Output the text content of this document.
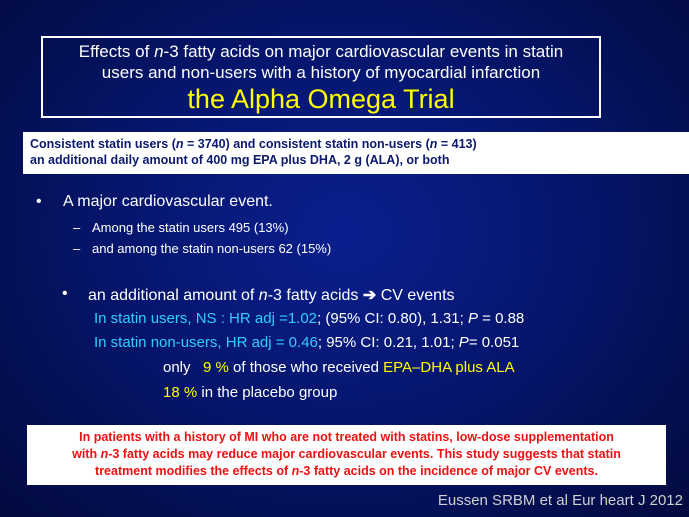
Effects of n-3 fatty acids on major cardiovascular events in statin
users and non-users with a history of myocardial infarction
the Alpha Omega Trial
Consistent statin users (n = 3740) and consistent statin non-users (n = 413)
an additional daily amount of 400 mg EPA plus DHA, 2 g (ALA), or both
• A major cardiovascular event.
– Among the statin users 495 (13%)
– and among the statin non-users 62 (15%)
• an additional amount of n-3 fatty acids ➔ CV events
In statin users, NS : HR adj =1.02; (95% CI: 0.80), 1.31; P = 0.88
In statin non-users, HR adj = 0.46; 95% CI: 0.21, 1.01; P= 0.051
only   9 % of those who received EPA–DHA plus ALA
18 % in the placebo group
In patients with a history of MI who are not treated with statins, low-dose supplementation
with n-3 fatty acids may reduce major cardiovascular events. This study suggests that statin
treatment modifies the effects of n-3 fatty acids on the incidence of major CV events.
Eussen SRBM et al Eur heart J 2012
